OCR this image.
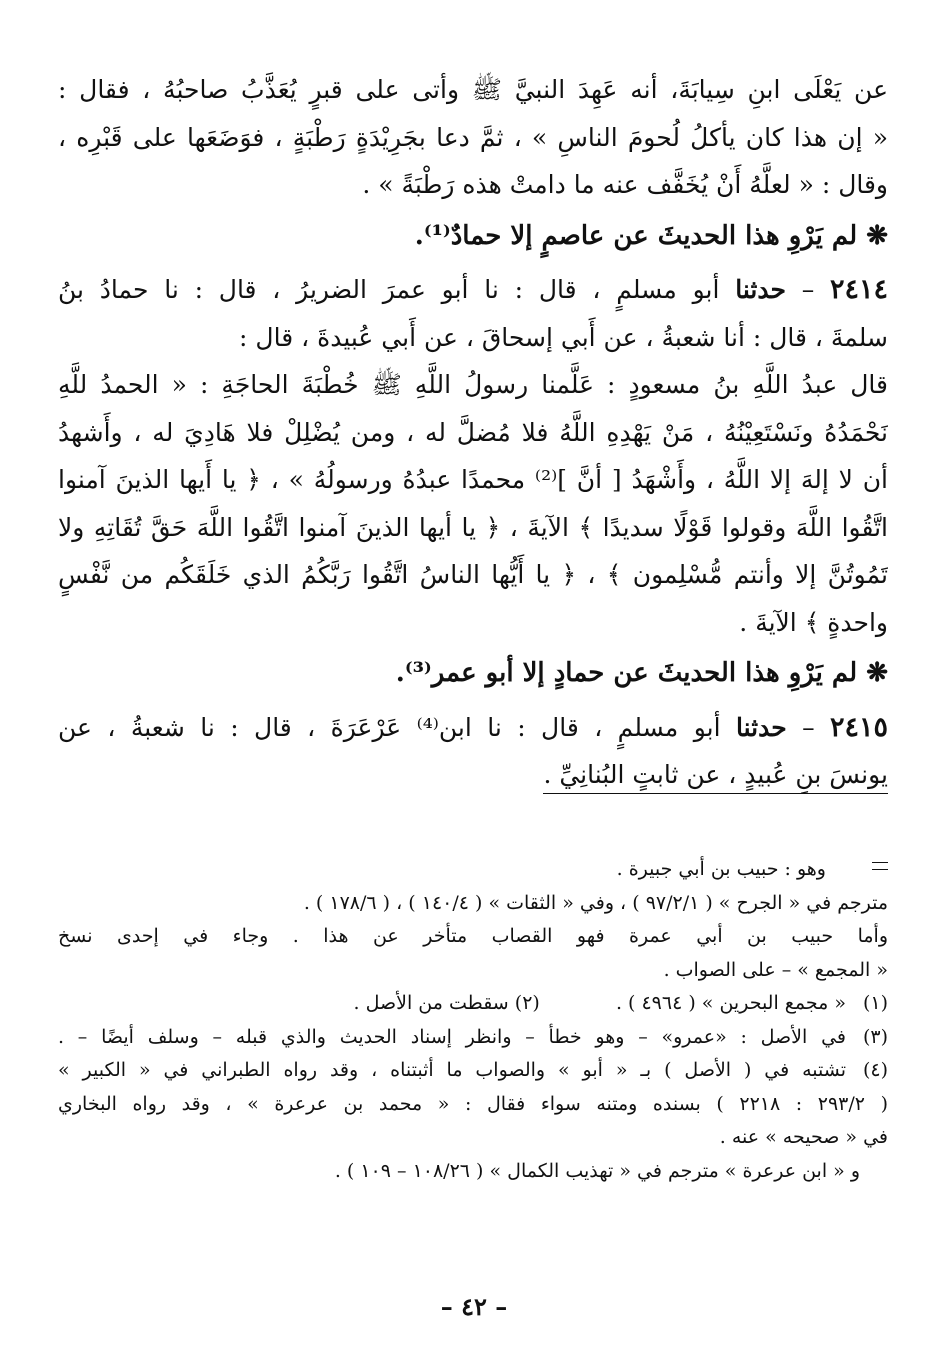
عن يَعْلَى ابنِ سِيابَةَ، أنه عَهِدَ النبيَّ ﷺ وأتى على قبرٍ يُعَذَّبُ صاحبُهُ ، فقال :
« إن هذا كان يأكلُ لُحومَ الناسِ » ، ثمَّ دعا بجَرِيْدَةٍ رَطْبَةٍ ، فوَضَعَها على قَبْرِه ،
وقال : « لعلَّهُ أَنْ يُخَفَّف عنه ما دامتْ هذه رَطْبَةً » .
❋ لم يَرْوِ هذا الحديثَ عن عاصمٍ إلا حمادٌ⁽¹⁾.
٢٤١٤ – حدثنا أبو مسلمٍ ، قال : نا أبو عمرَ الضريرُ ، قال : نا حمادُ بنُ
سلمةَ ، قال : أنا شعبةُ ، عن أَبي إسحاقَ ، عن أَبي عُبيدةَ ، قال :
قال عبدُ اللَّهِ بنُ مسعودٍ : عَلَّمنا رسولُ اللَّهِ ﷺ خُطْبَةَ الحاجَةِ : « الحمدُ للَّهِ
نَحْمَدُهُ ونَسْتَعِيْنُهُ ، مَنْ يَهْدِهِ اللَّهُ فلا مُضلَّ له ، ومن يُضْلِلْ فلا هَادِيَ له ، وأَشهدُ
أن لا إلهَ إلا اللَّهُ ، وأَشْهَدُ [ أنَّ ]⁽²⁾ محمدًا عبدُهُ ورسولُهُ » ، ﴿ يا أَيها الذينَ آمنوا
اتَّقُوا اللَّهَ وقولوا قَوْلًا سديدًا ﴾ الآيةَ ، ﴿ يا أيها الذينَ آمنوا اتَّقُوا اللَّهَ حَقَّ تُقَاتِهِ ولا
تَمُوتُنَّ إلا وأنتم مُّسْلِمون ﴾ ، ﴿ يا أَيُّها الناسُ اتَّقُوا رَبَّكُمُ الذي خَلَقَكُم من نَّفْسٍ
واحدةٍ ﴾ الآيةَ .
❋ لم يَرْوِ هذا الحديثَ عن حمادٍ إلا أبو عمر⁽³⁾.
٢٤١٥ – حدثنا أبو مسلمٍ ، قال : نا ابن⁽⁴⁾ عَرْعَرَةَ ، قال : نا شعبةُ ، عن
يونسَ بنِ عُبيدٍ ، عن ثابتٍ البُنانِيِّ .
وهو : حبيب بن أبي جبيرة .
مترجم في « الجرح » ( ٩٧/٢/١ ) ، وفي « الثقات » ( ١٤٠/٤ ) ، ( ١٧٨/٦ ) .
وأما حبيب بن أبي عمرة فهو القصاب متأخر عن هذا . وجاء في إحدى نسخ
« المجمع » – على الصواب .
(١)
« مجمع البحرين » ( ٤٩٦٤ ) .  (٢) سقطت من الأصل .
(٣)
في الأصل : «عمرو» – وهو خطأ – وانظر إسناد الحديث والذي قبله – وسلف أيضًا – .
(٤)
تشتبه في ( الأصل ) بـ « أبو » والصواب ما أثبتناه ، وقد رواه الطبراني في « الكبير »
( ٢٩٣/٢ : ٢٢١٨ ) بسنده ومتنه سواء فقال : « محمد بن عرعرة » ، وقد رواه البخاري
في « صحيحه » عنه .
و « ابن عرعرة » مترجم في « تهذيب الكمال » ( ١٠٨/٢٦ – ١٠٩ ) .
– ٤٢ –
